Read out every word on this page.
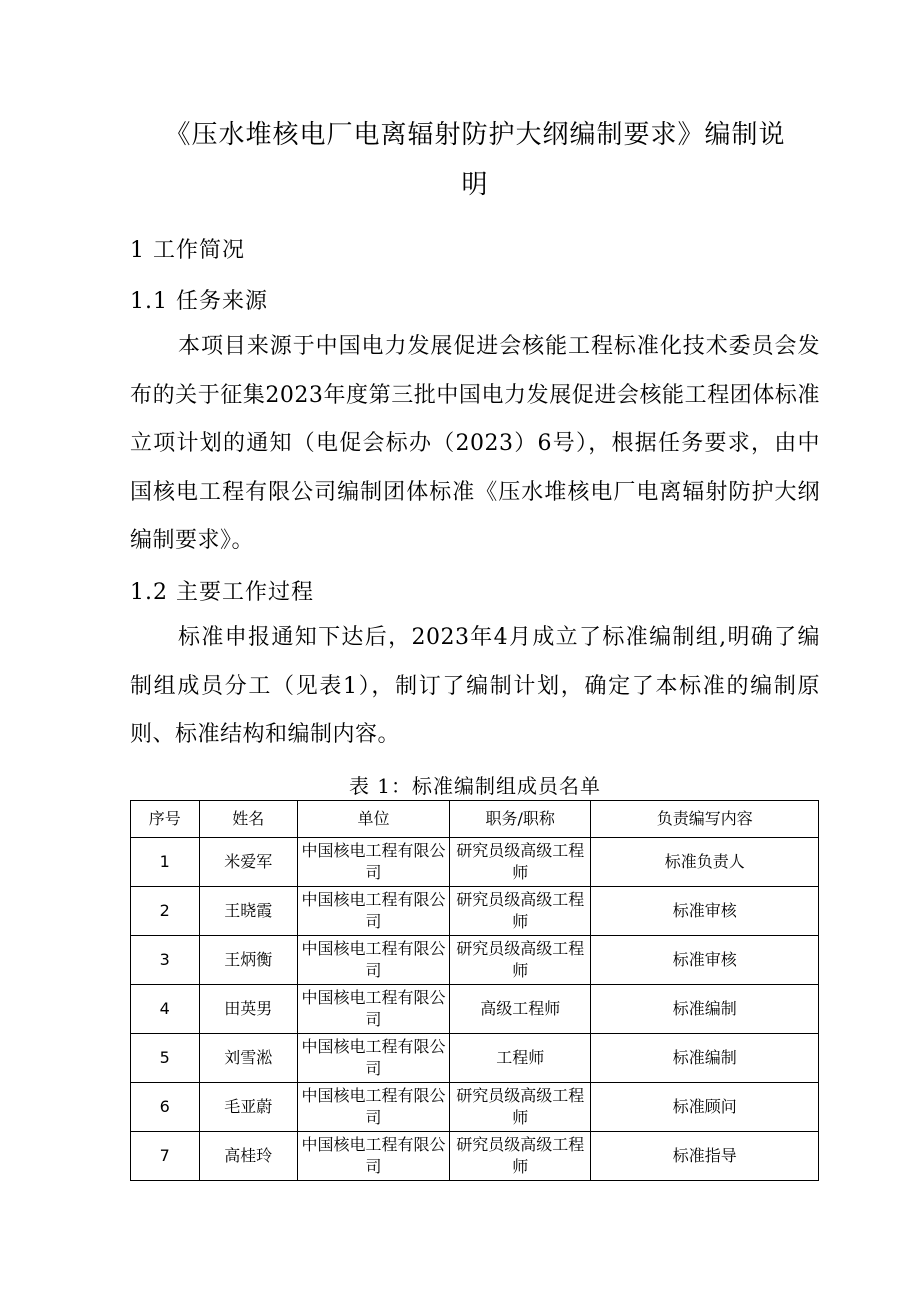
《压水堆核电厂电离辐射防护大纲编制要求》编制说
明
1 工作简况
1.1 任务来源
本项目来源于中国电力发展促进会核能工程标准化技术委员会发布的关于征集2023年度第三批中国电力发展促进会核能工程团体标准立项计划的通知（电促会标办（2023）6号），根据任务要求，由中国核电工程有限公司编制团体标准《压水堆核电厂电离辐射防护大纲编制要求》。
1.2 主要工作过程
标准申报通知下达后，2023年4月成立了标准编制组,明确了编制组成员分工（见表1），制订了编制计划，确定了本标准的编制原则、标准结构和编制内容。
表 1：标准编制组成员名单
序号	姓名	单位	职务/职称	负责编写内容
1	米爱军	中国核电工程有限公司	研究员级高级工程师	标准负责人
2	王晓霞	中国核电工程有限公司	研究员级高级工程师	标准审核
3	王炳衡	中国核电工程有限公司	研究员级高级工程师	标准审核
4	田英男	中国核电工程有限公司	高级工程师	标准编制
5	刘雪淞	中国核电工程有限公司	工程师	标准编制
6	毛亚蔚	中国核电工程有限公司	研究员级高级工程师	标准顾问
7	高桂玲	中国核电工程有限公司	研究员级高级工程师	标准指导
